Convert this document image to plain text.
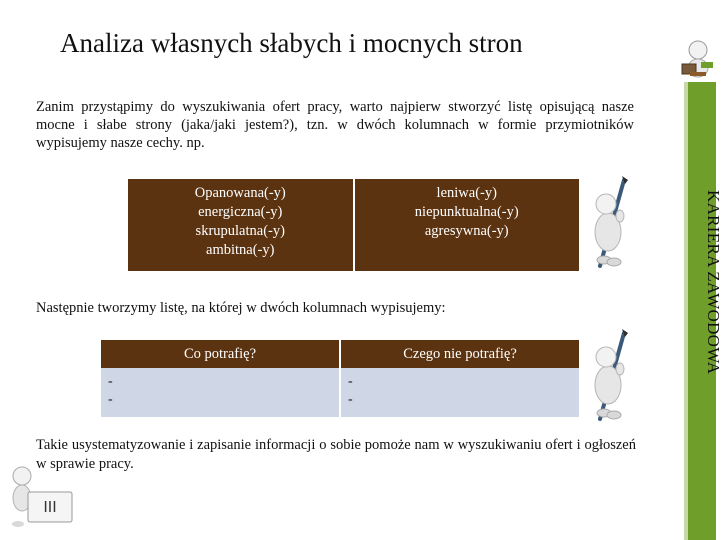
Analiza własnych słabych i mocnych stron
Zanim przystąpimy do wyszukiwania ofert pracy, warto najpierw stworzyć listę opisującą nasze mocne i słabe strony (jaka/jaki jestem?), tzn. w dwóch kolumnach w formie przymiotników wypisujemy nasze cechy. np.
Opanowana(-y)
energiczna(-y)
skrupulatna(-y)
ambitna(-y)
leniwa(-y)
niepunktualna(-y)
agresywna(-y)
Następnie tworzymy listę, na której w dwóch kolumnach wypisujemy:
Co potrafię?	Czego nie potrafię?
-
-
-
-
Takie usystematyzowanie i zapisanie informacji o sobie pomoże nam w wyszukiwaniu ofert i ogłoszeń w sprawie pracy.
KARIERA ZAWODOWA
III
